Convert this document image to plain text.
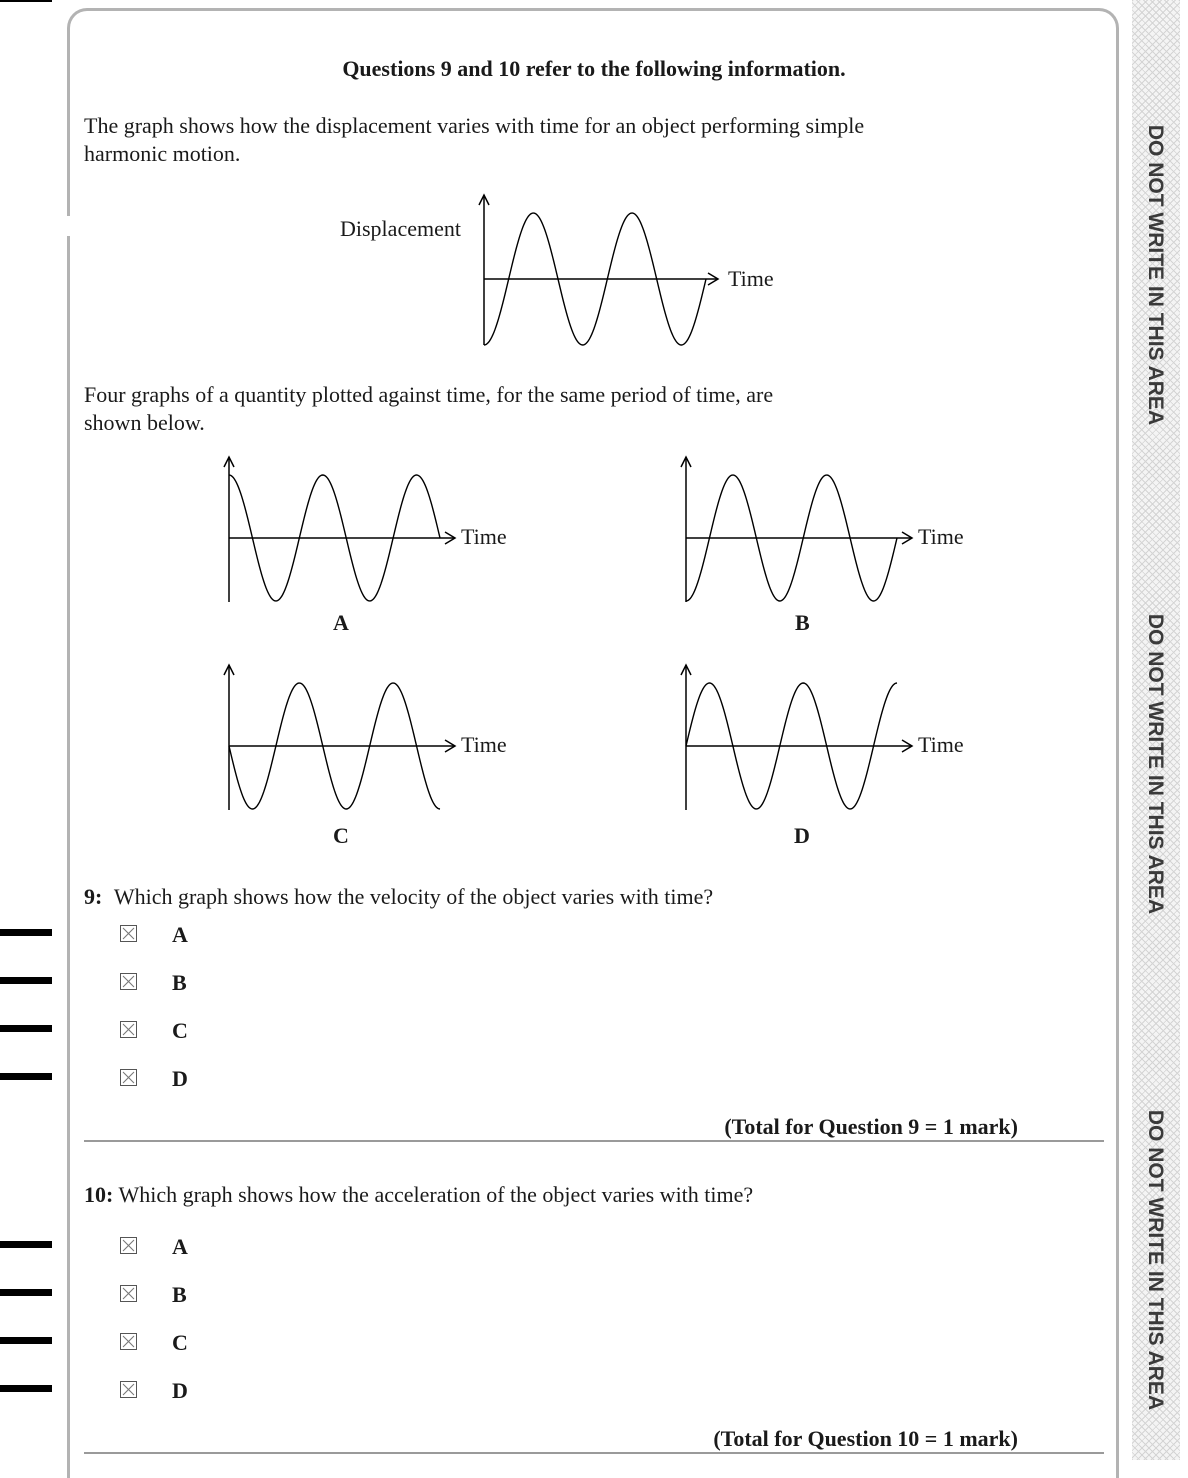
DO NOT WRITE IN THIS AREA
DO NOT WRITE IN THIS AREA
DO NOT WRITE IN THIS AREA
Questions 9 and 10 refer to the following information.
The graph shows how the displacement varies with time for an object performing simple
harmonic motion.
Displacement
Time
Four graphs of a quantity plotted against time, for the same period of time, are
shown below.
Time
A
Time
B
Time
C
Time
D
9: Which graph shows how the velocity of the object varies with time?
A
B
C
D
(Total for Question 9 = 1 mark)
10: Which graph shows how the acceleration of the object varies with time?
A
B
C
D
(Total for Question 10 = 1 mark)
